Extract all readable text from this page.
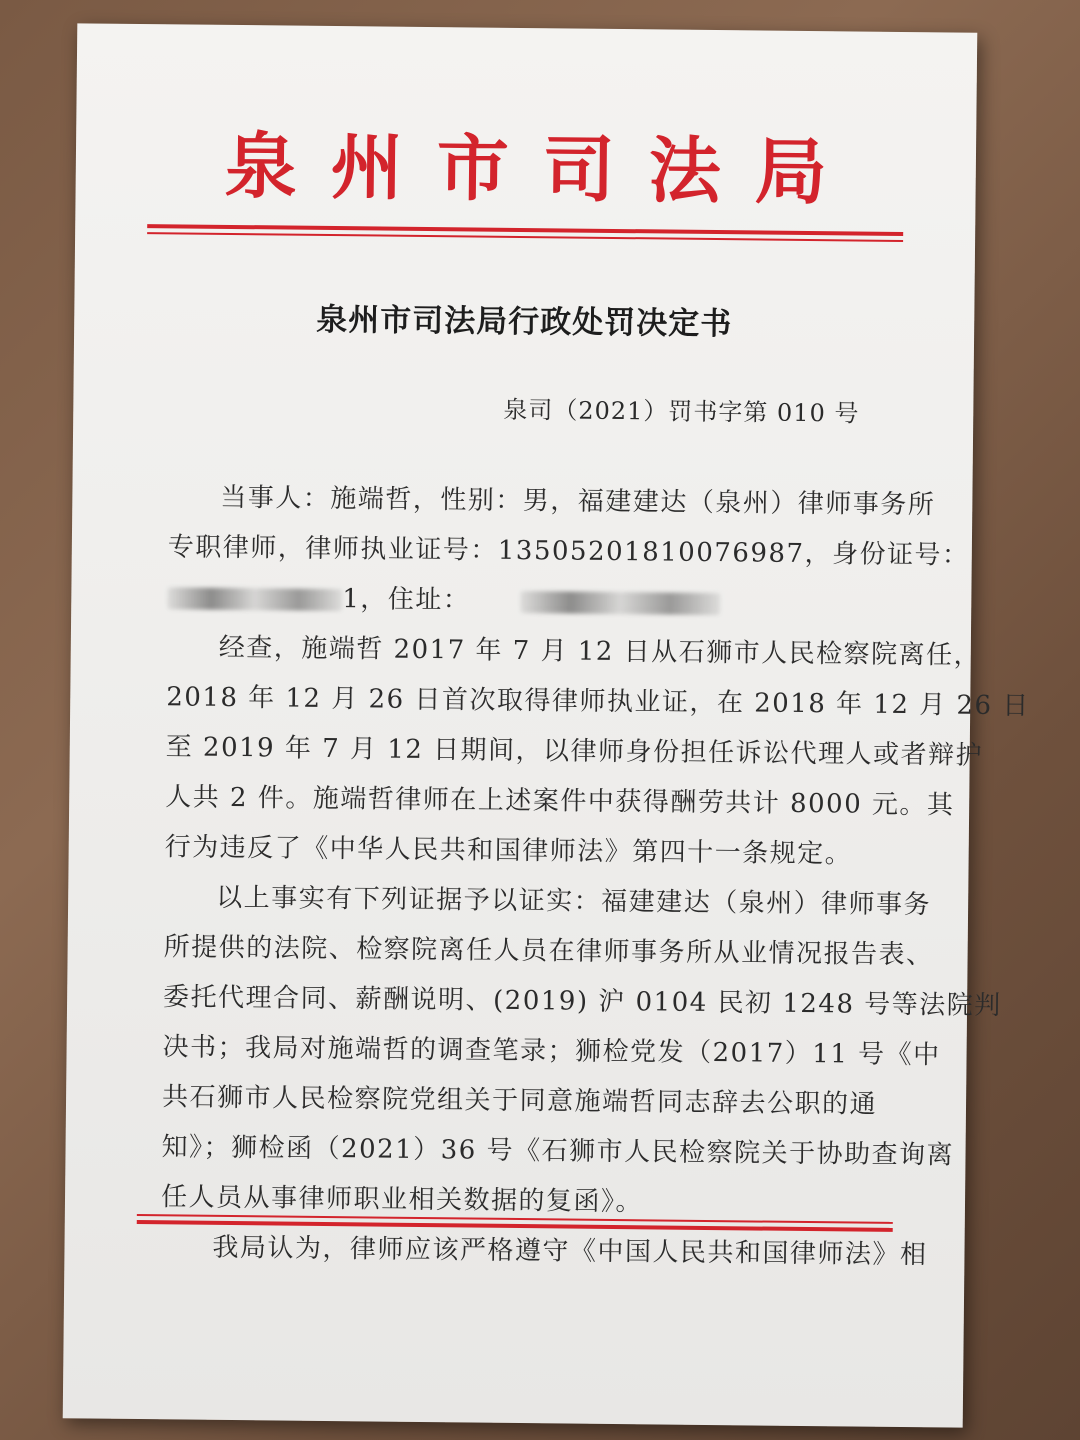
泉州市司法局
泉州市司法局行政处罚决定书
泉司（2021）罚书字第 010 号
当事人：施端哲，性别：男，福建建达（泉州）律师事务所
专职律师，律师执业证号：13505201810076987，身份证号：
1，住址：
经查，施端哲 2017 年 7 月 12 日从石狮市人民检察院离任，
2018 年 12 月 26 日首次取得律师执业证，在 2018 年 12 月 26 日
至 2019 年 7 月 12 日期间，以律师身份担任诉讼代理人或者辩护
人共 2 件。施端哲律师在上述案件中获得酬劳共计 8000 元。其
行为违反了《中华人民共和国律师法》第四十一条规定。
以上事实有下列证据予以证实：福建建达（泉州）律师事务
所提供的法院、检察院离任人员在律师事务所从业情况报告表、
委托代理合同、薪酬说明、(2019) 沪 0104 民初 1248 号等法院判
决书；我局对施端哲的调查笔录；狮检党发（2017）11 号《中
共石狮市人民检察院党组关于同意施端哲同志辞去公职的通
知》；狮检函（2021）36 号《石狮市人民检察院关于协助查询离
任人员从事律师职业相关数据的复函》。
我局认为，律师应该严格遵守《中国人民共和国律师法》相
